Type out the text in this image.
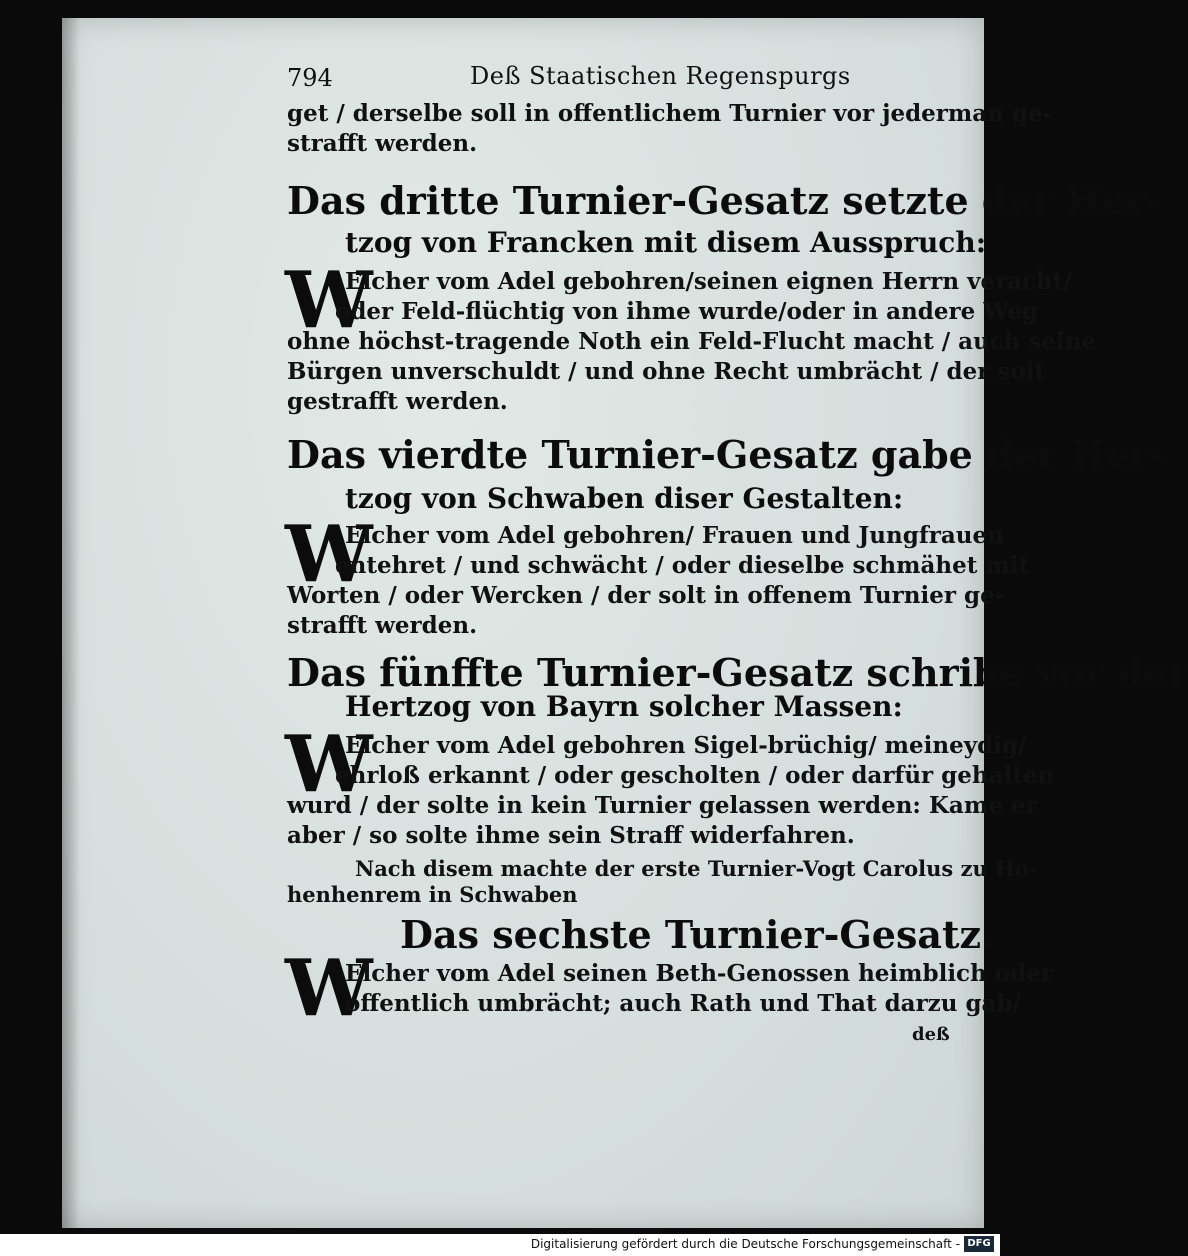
794	Deß Staatischen Regenspurgs
get / derselbe soll in offentlichem Turnier vor jederman ge-
strafft werden.
Das dritte Turnier-Gesatz setzte der Her-
tzog von Francken mit disem Ausspruch:
W
Elcher vom Adel gebohren/seinen eignen Herrn veracht/
oder Feld-flüchtig von ihme wurde/oder in andere Weg
ohne höchst-tragende Noth ein Feld-Flucht macht / auch seine
Bürgen unverschuldt / und ohne Recht umbrächt / der solt
gestrafft werden.
Das vierdte Turnier-Gesatz gabe der Her-
tzog von Schwaben diser Gestalten:
W
Elcher vom Adel gebohren/ Frauen und Jungfrauen
entehret / und schwächt / oder dieselbe schmähet mit
Worten / oder Wercken / der solt in offenem Turnier ge-
strafft werden.
Das fünffte Turnier-Gesatz schribe vor der
Hertzog von Bayrn solcher Massen:
W
Elcher vom Adel gebohren Sigel-brüchig/ meineydig/
ehrloß erkannt / oder gescholten / oder darfür gehalten
wurd / der solte in kein Turnier gelassen werden: Kame er
aber / so solte ihme sein Straff widerfahren.
Nach disem machte der erste Turnier-Vogt Carolus zu Ho-
henhenrem in Schwaben
Das sechste Turnier-Gesatz.
W
Elcher vom Adel seinen Beth-Genossen heimblich oder
offentlich umbrächt; auch Rath und That darzu gab/
deß
Digitalisierung gefördert durch die Deutsche Forschungsgemeinschaft - DFG
